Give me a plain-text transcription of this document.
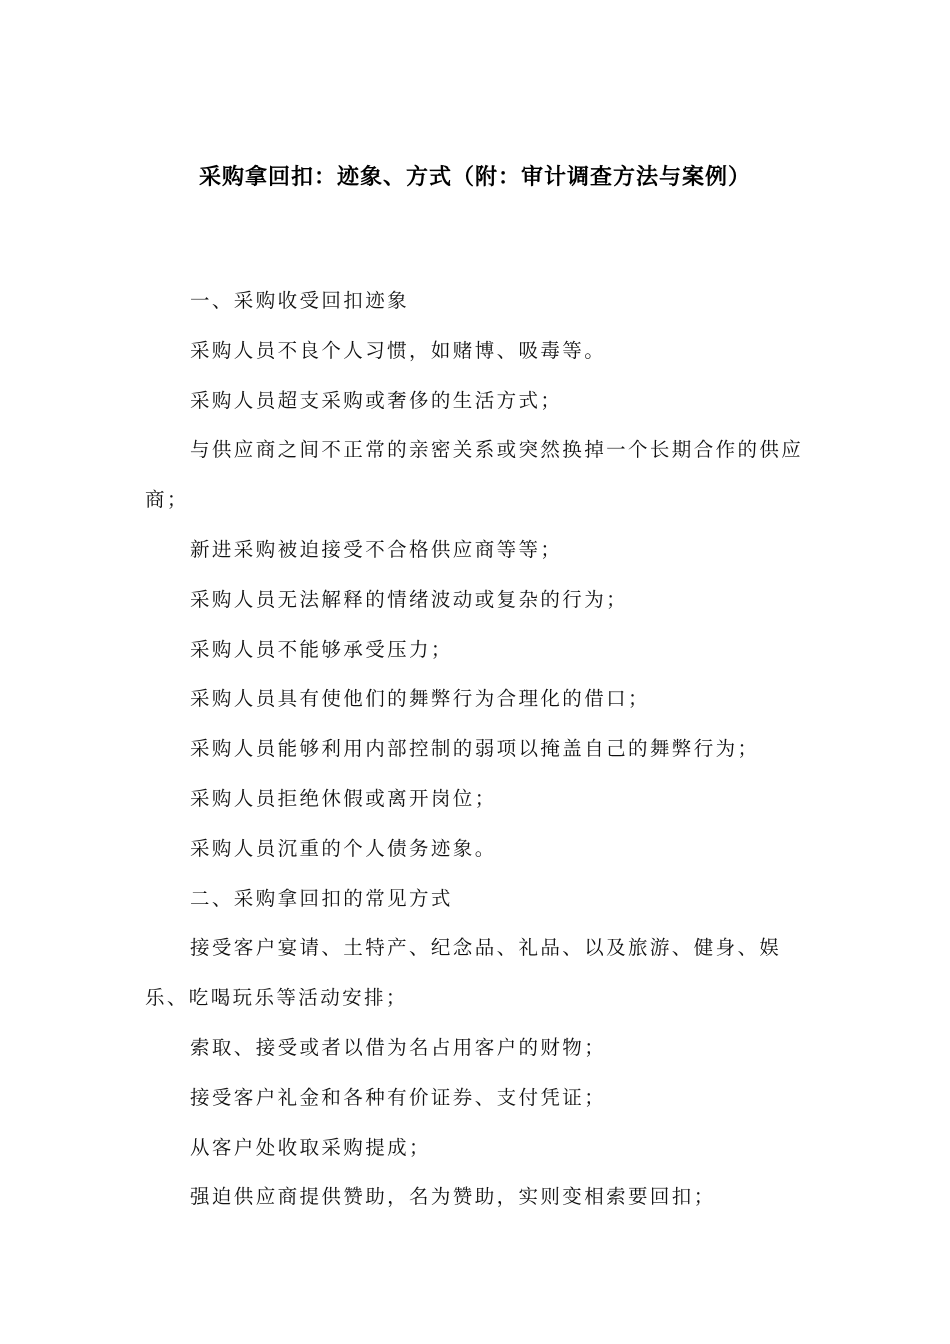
采购拿回扣：迹象、方式（附：审计调查方法与案例）

一、采购收受回扣迹象

采购人员不良个人习惯，如赌博、吸毒等。

采购人员超支采购或奢侈的生活方式；

与供应商之间不正常的亲密关系或突然换掉一个长期合作的供应商；

新进采购被迫接受不合格供应商等等；

采购人员无法解释的情绪波动或复杂的行为；

采购人员不能够承受压力；

采购人员具有使他们的舞弊行为合理化的借口；

采购人员能够利用内部控制的弱项以掩盖自己的舞弊行为；

采购人员拒绝休假或离开岗位；

采购人员沉重的个人债务迹象。

二、采购拿回扣的常见方式

接受客户宴请、土特产、纪念品、礼品、以及旅游、健身、娱乐、吃喝玩乐等活动安排；

索取、接受或者以借为名占用客户的财物；

接受客户礼金和各种有价证券、支付凭证；

从客户处收取采购提成；

强迫供应商提供赞助，名为赞助，实则变相索要回扣；
